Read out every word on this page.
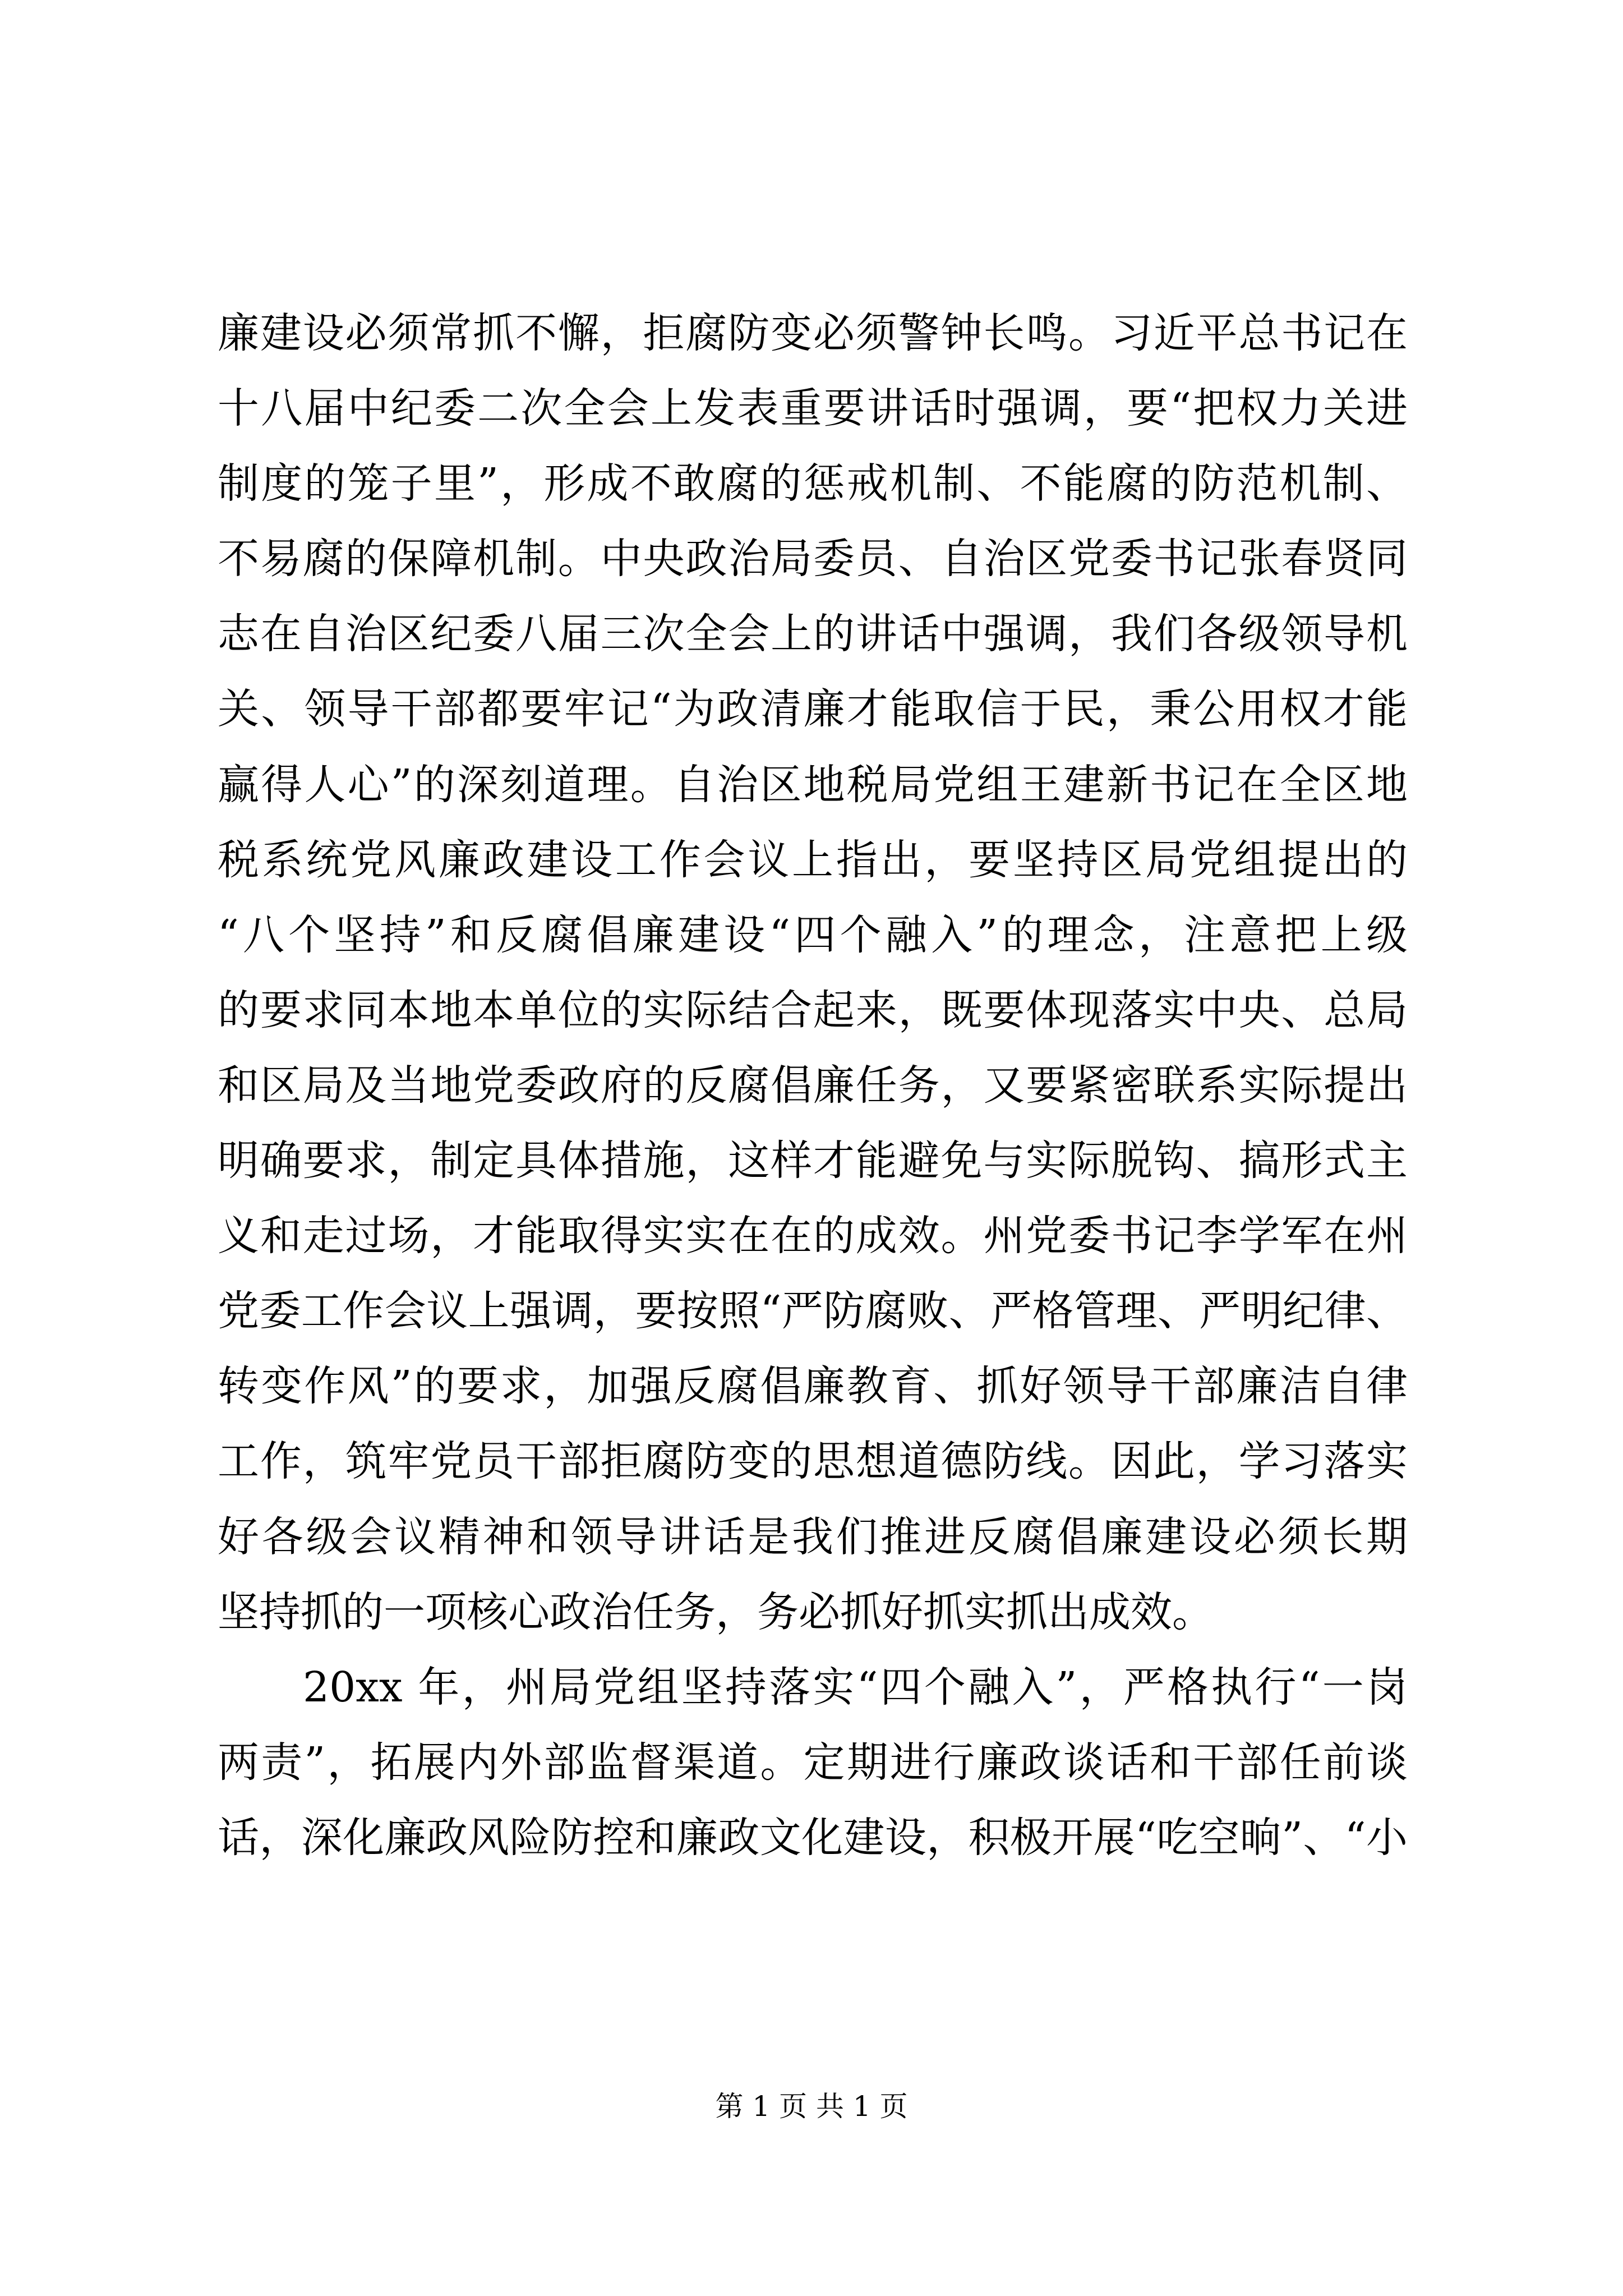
廉建设必须常抓不懈，拒腐防变必须警钟长鸣。习近平总书记在
十八届中纪委二次全会上发表重要讲话时强调，要“把权力关进
制度的笼子里”，形成不敢腐的惩戒机制、不能腐的防范机制、
不易腐的保障机制。中央政治局委员、自治区党委书记张春贤同
志在自治区纪委八届三次全会上的讲话中强调，我们各级领导机
关、领导干部都要牢记“为政清廉才能取信于民，秉公用权才能
赢得人心”的深刻道理。自治区地税局党组王建新书记在全区地
税系统党风廉政建设工作会议上指出，要坚持区局党组提出的
“八个坚持”和反腐倡廉建设“四个融入”的理念，注意把上级
的要求同本地本单位的实际结合起来，既要体现落实中央、总局
和区局及当地党委政府的反腐倡廉任务，又要紧密联系实际提出
明确要求，制定具体措施，这样才能避免与实际脱钩、搞形式主
义和走过场，才能取得实实在在的成效。州党委书记李学军在州
党委工作会议上强调，要按照“严防腐败、严格管理、严明纪律、
转变作风”的要求，加强反腐倡廉教育、抓好领导干部廉洁自律
工作，筑牢党员干部拒腐防变的思想道德防线。因此，学习落实
好各级会议精神和领导讲话是我们推进反腐倡廉建设必须长期
坚持抓的一项核心政治任务，务必抓好抓实抓出成效。
20xx 年，州局党组坚持落实“四个融入”，严格执行“一岗
两责”，拓展内外部监督渠道。定期进行廉政谈话和干部任前谈
话，深化廉政风险防控和廉政文化建设，积极开展“吃空晌”、“小
第 1 页 共 1 页
